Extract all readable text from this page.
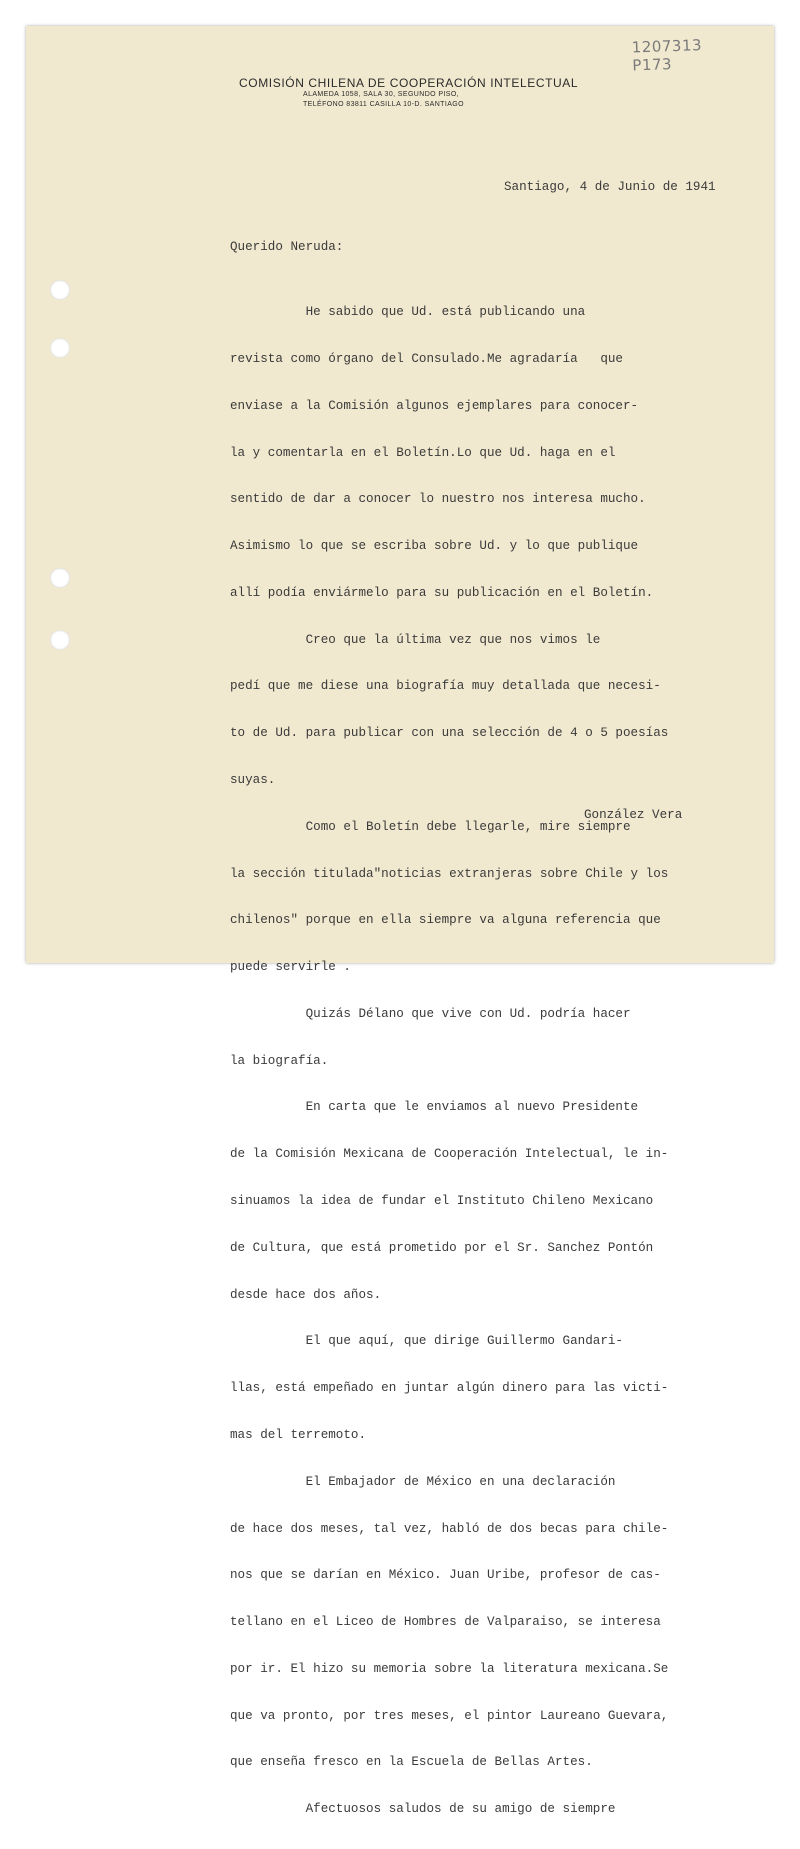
1207313 P173
COMISIÓN CHILENA DE COOPERACIÓN INTELECTUAL
ALAMEDA 1058, SALA 30, SEGUNDO PISO,
TELÉFONO 83811 CASILLA 10-D. SANTIAGO
Santiago, 4 de Junio de 1941
Querido Neruda:

He sabido que Ud. está publicando una

revista como órgano del Consulado.Me agradaría   que

enviase a la Comisión algunos ejemplares para conocer-

la y comentarla en el Boletín.Lo que Ud. haga en el

sentido de dar a conocer lo nuestro nos interesa mucho.

Asimismo lo que se escriba sobre Ud. y lo que publique

allí podía enviármelo para su publicación en el Boletín.

Creo que la última vez que nos vimos le

pedí que me diese una biografía muy detallada que necesi-

to de Ud. para publicar con una selección de 4 o 5 poesías

suyas.

Como el Boletín debe llegarle, mire siempre

la sección titulada"noticias extranjeras sobre Chile y los

chilenos" porque en ella siempre va alguna referencia que

puede servirle .

Quizás Délano que vive con Ud. podría hacer

la biografía.

En carta que le enviamos al nuevo Presidente

de la Comisión Mexicana de Cooperación Intelectual, le in-

sinuamos la idea de fundar el Instituto Chileno Mexicano

de Cultura, que está prometido por el Sr. Sanchez Pontón

desde hace dos años.

El que aquí, que dirige Guillermo Gandari-

llas, está empeñado en juntar algún dinero para las victi-

mas del terremoto.

El Embajador de México en una declaración

de hace dos meses, tal vez, habló de dos becas para chile-

nos que se darían en México. Juan Uribe, profesor de cas-

tellano en el Liceo de Hombres de Valparaiso, se interesa

por ir. El hizo su memoria sobre la literatura mexicana.Se

que va pronto, por tres meses, el pintor Laureano Guevara,

que enseña fresco en la Escuela de Bellas Artes.

Afectuosos saludos de su amigo de siempre

González Vera
